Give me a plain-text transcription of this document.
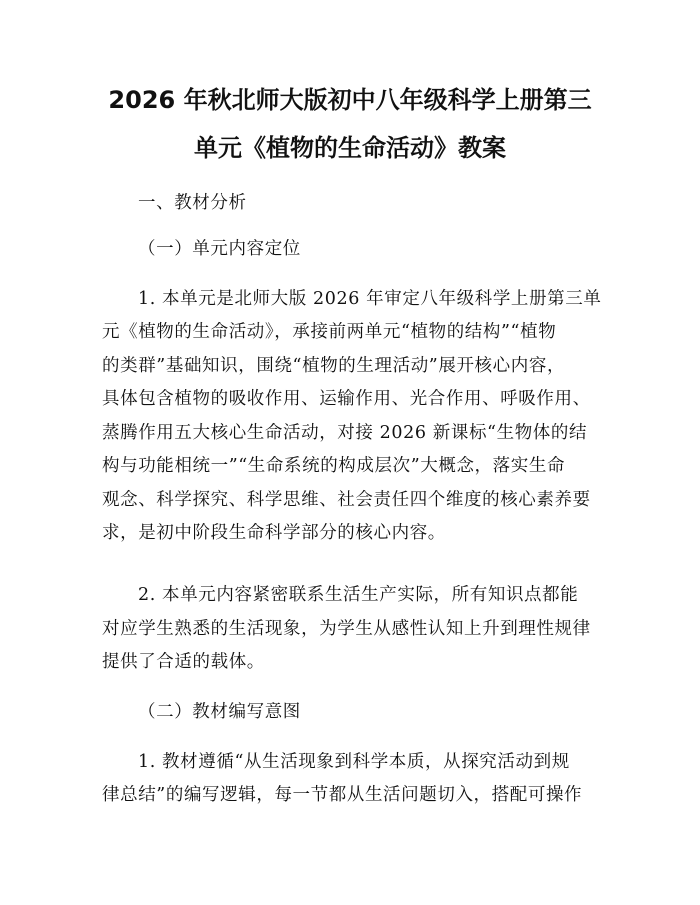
2026 年秋北师大版初中八年级科学上册第三
单元《植物的生命活动》教案
一、教材分析
（一）单元内容定位
1. 本单元是北师大版 2026 年审定八年级科学上册第三单
元《植物的生命活动》，承接前两单元“植物的结构”“植物
的类群”基础知识，围绕“植物的生理活动”展开核心内容，
具体包含植物的吸收作用、运输作用、光合作用、呼吸作用、
蒸腾作用五大核心生命活动，对接 2026 新课标“生物体的结
构与功能相统一”“生命系统的构成层次”大概念，落实生命
观念、科学探究、科学思维、社会责任四个维度的核心素养要
求，是初中阶段生命科学部分的核心内容。
2. 本单元内容紧密联系生活生产实际，所有知识点都能
对应学生熟悉的生活现象，为学生从感性认知上升到理性规律
提供了合适的载体。
（二）教材编写意图
1. 教材遵循“从生活现象到科学本质，从探究活动到规
律总结”的编写逻辑，每一节都从生活问题切入，搭配可操作
